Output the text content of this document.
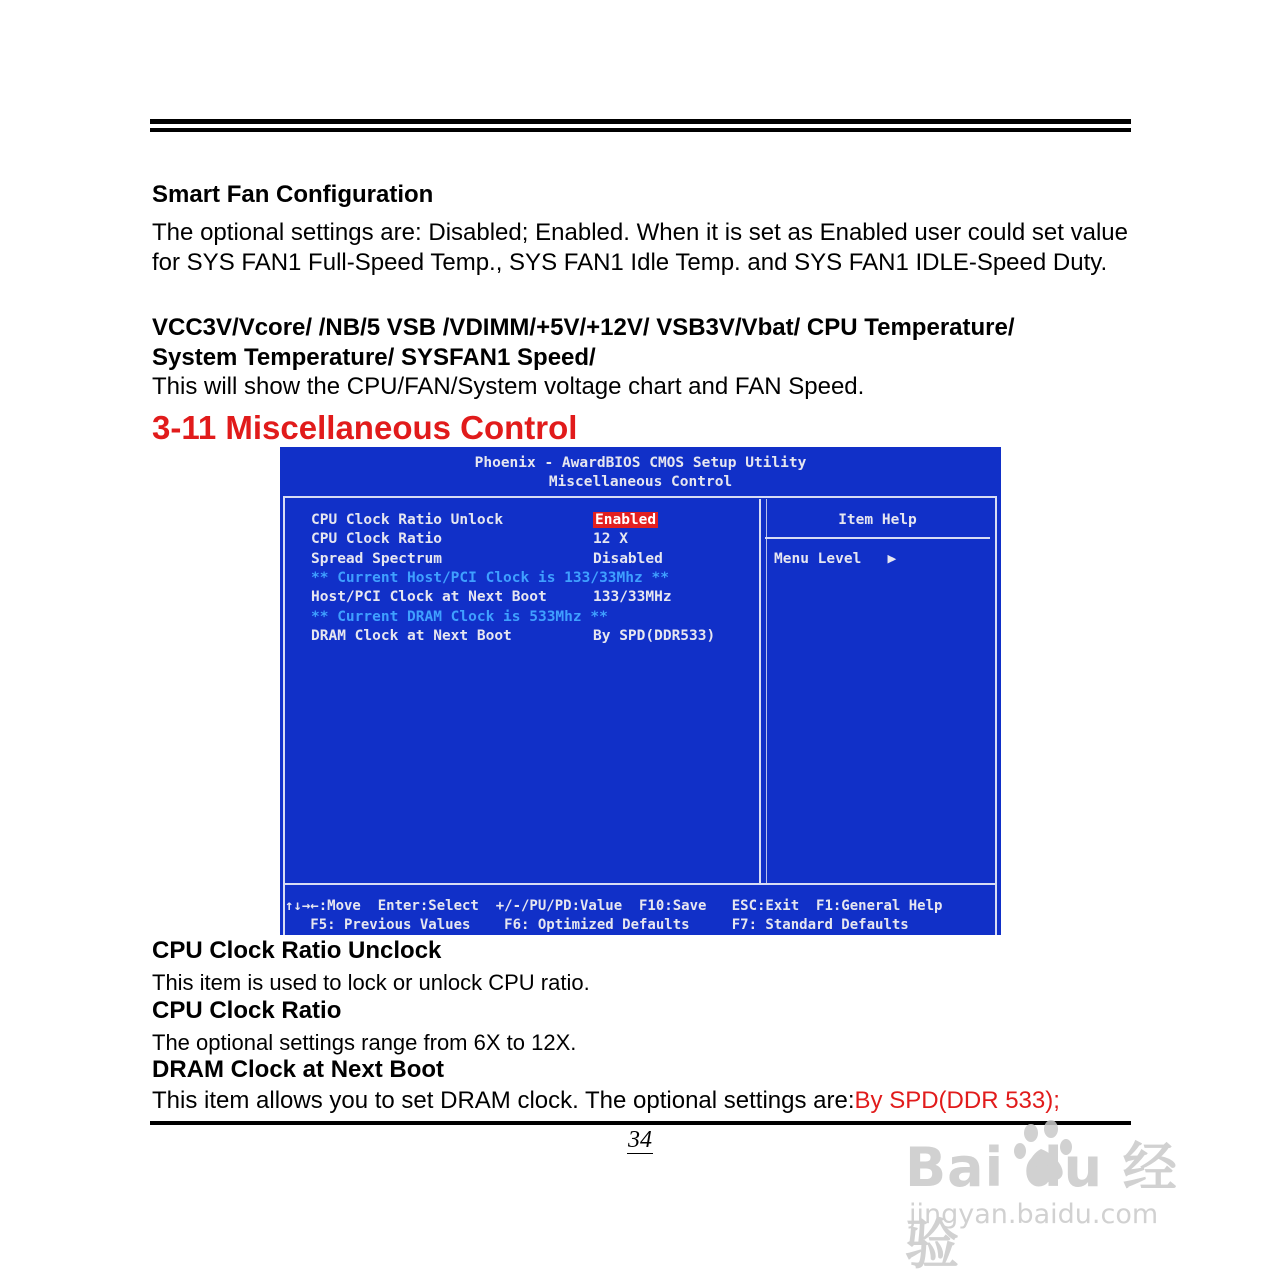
Smart Fan Configuration

The optional settings are: Disabled; Enabled. When it is set as Enabled user could set value for SYS FAN1 Full-Speed Temp., SYS FAN1 Idle Temp. and SYS FAN1 IDLE-Speed Duty.

VCC3V/Vcore/ /NB/5 VSB /VDIMM/+5V/+12V/ VSB3V/Vbat/ CPU Temperature/
System Temperature/ SYSFAN1 Speed/

This will show the CPU/FAN/System voltage chart and FAN Speed.

3-11 Miscellaneous Control
Phoenix - AwardBIOS CMOS Setup Utility
Miscellaneous Control
CPU Clock Ratio Unlock	Enabled
CPU Clock Ratio	12 X
Spread Spectrum	Disabled
** Current Host/PCI Clock is 133/33Mhz **
Host/PCI Clock at Next Boot	133/33MHz
** Current DRAM Clock is 533Mhz **
DRAM Clock at Next Boot	By SPD(DDR533)
Item Help
Menu Level   ▶
↑↓→←:Move  Enter:Select  +/-/PU/PD:Value  F10:Save   ESC:Exit  F1:General Help
F5: Previous Values    F6: Optimized Defaults     F7: Standard Defaults
CPU Clock Ratio Unclock

This item is used to lock or unlock CPU ratio.

CPU Clock Ratio

The optional settings range from 6X to 12X.

DRAM Clock at Next Boot

This item allows you to set DRAM clock. The optional settings are:By SPD(DDR 533);

34	Bai du 经验
jingyan.baidu.com
